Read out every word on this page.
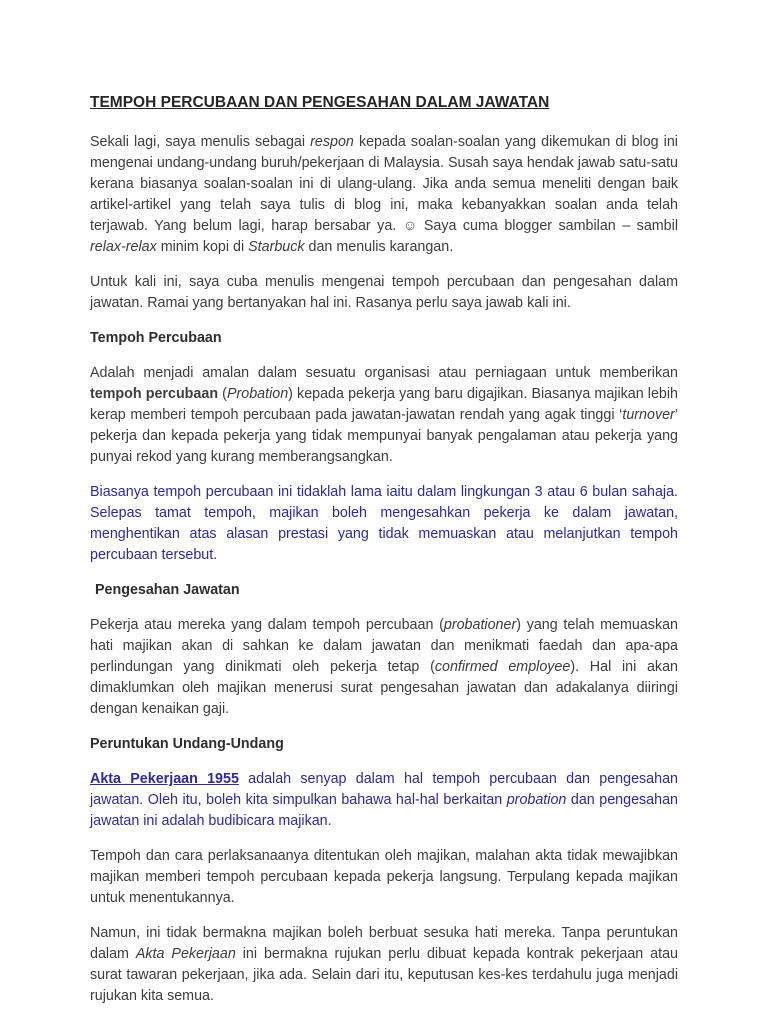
TEMPOH PERCUBAAN DAN PENGESAHAN DALAM JAWATAN

Sekali lagi, saya menulis sebagai respon kepada soalan-soalan yang dikemukan di blog ini mengenai undang-undang buruh/pekerjaan di Malaysia. Susah saya hendak jawab satu-satu kerana biasanya soalan-soalan ini di ulang-ulang. Jika anda semua meneliti dengan baik artikel-artikel yang telah saya tulis di blog ini, maka kebanyakkan soalan anda telah terjawab. Yang belum lagi, harap bersabar ya. ☺ Saya cuma blogger sambilan – sambil relax-relax minim kopi di Starbuck dan menulis karangan.

Untuk kali ini, saya cuba menulis mengenai tempoh percubaan dan pengesahan dalam jawatan. Ramai yang bertanyakan hal ini. Rasanya perlu saya jawab kali ini.

Tempoh Percubaan

Adalah menjadi amalan dalam sesuatu organisasi atau perniagaan untuk memberikan tempoh percubaan (Probation) kepada pekerja yang baru digajikan. Biasanya majikan lebih kerap memberi tempoh percubaan pada jawatan-jawatan rendah yang agak tinggi ‘turnover’ pekerja dan kepada pekerja yang tidak mempunyai banyak pengalaman atau pekerja yang punyai rekod yang kurang memberangsangkan.

Biasanya tempoh percubaan ini tidaklah lama iaitu dalam lingkungan 3 atau 6 bulan sahaja. Selepas tamat tempoh, majikan boleh mengesahkan pekerja ke dalam jawatan, menghentikan atas alasan prestasi yang tidak memuaskan atau melanjutkan tempoh percubaan tersebut.

Pengesahan Jawatan

Pekerja atau mereka yang dalam tempoh percubaan (probationer) yang telah memuaskan hati majikan akan di sahkan ke dalam jawatan dan menikmati faedah dan apa-apa perlindungan yang dinikmati oleh pekerja tetap (confirmed employee). Hal ini akan dimaklumkan oleh majikan menerusi surat pengesahan jawatan dan adakalanya diiringi dengan kenaikan gaji.

Peruntukan Undang-Undang

Akta Pekerjaan 1955 adalah senyap dalam hal tempoh percubaan dan pengesahan jawatan. Oleh itu, boleh kita simpulkan bahawa hal-hal berkaitan probation dan pengesahan jawatan ini adalah budibicara majikan.

Tempoh dan cara perlaksanaanya ditentukan oleh majikan, malahan akta tidak mewajibkan majikan memberi tempoh percubaan kepada pekerja langsung. Terpulang kepada majikan untuk menentukannya.

Namun, ini tidak bermakna majikan boleh berbuat sesuka hati mereka. Tanpa peruntukan dalam Akta Pekerjaan ini bermakna rujukan perlu dibuat kepada kontrak pekerjaan atau surat tawaran pekerjaan, jika ada. Selain dari itu, keputusan kes-kes terdahulu juga menjadi rujukan kita semua.
